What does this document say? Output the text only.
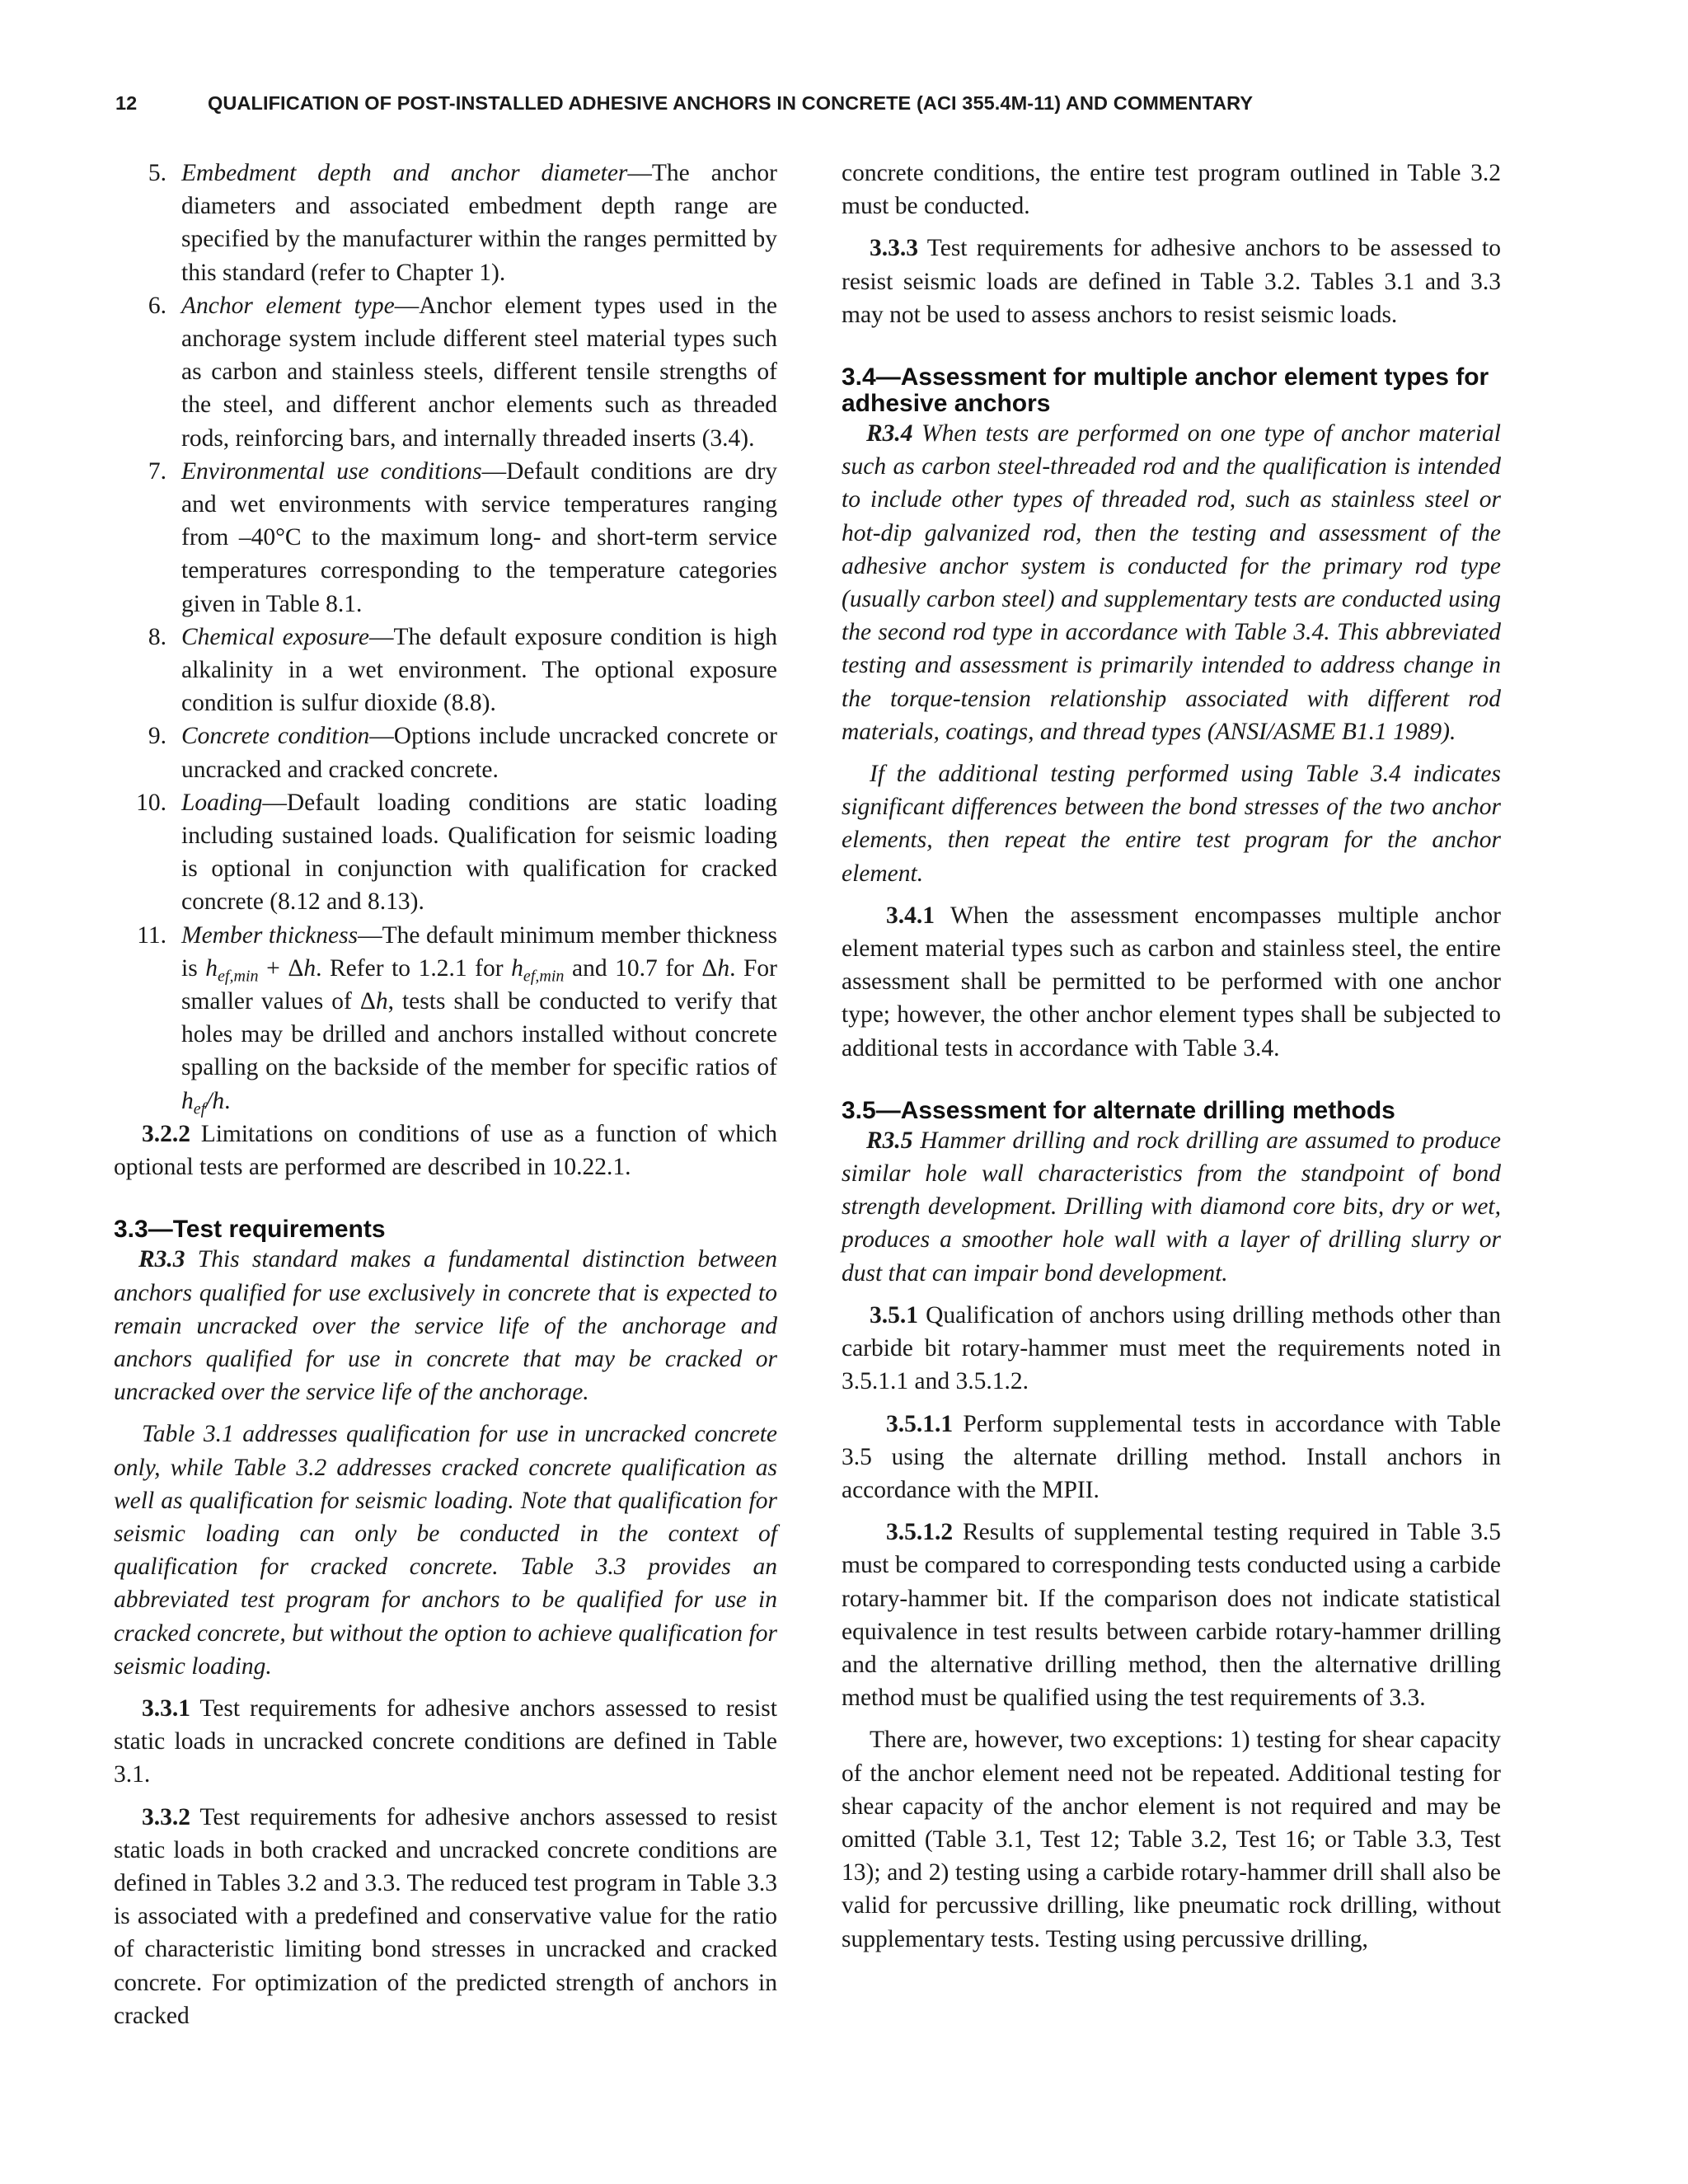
12	QUALIFICATION OF POST-INSTALLED ADHESIVE ANCHORS IN CONCRETE (ACI 355.4M-11) AND COMMENTARY
5. Embedment depth and anchor diameter—The anchor diameters and associated embedment depth range are specified by the manufacturer within the ranges permitted by this standard (refer to Chapter 1).
6. Anchor element type—Anchor element types used in the anchorage system include different steel material types such as carbon and stainless steels, different tensile strengths of the steel, and different anchor elements such as threaded rods, reinforcing bars, and internally threaded inserts (3.4).
7. Environmental use conditions—Default conditions are dry and wet environments with service temperatures ranging from –40°C to the maximum long- and short-term service temperatures corresponding to the temperature categories given in Table 8.1.
8. Chemical exposure—The default exposure condition is high alkalinity in a wet environment. The optional exposure condition is sulfur dioxide (8.8).
9. Concrete condition—Options include uncracked concrete or uncracked and cracked concrete.
10. Loading—Default loading conditions are static loading including sustained loads. Qualification for seismic loading is optional in conjunction with qualification for cracked concrete (8.12 and 8.13).
11. Member thickness—The default minimum member thickness is $h_{ef,min} + \Delta h$. Refer to 1.2.1 for $h_{ef,min}$ and 10.7 for Δh. For smaller values of Δh, tests shall be conducted to verify that holes may be drilled and anchors installed without concrete spalling on the backside of the member for specific ratios of $h_{ef}/h$.

3.2.2 Limitations on conditions of use as a function of which optional tests are performed are described in 10.22.1.

3.3—Test requirements

R3.3 This standard makes a fundamental distinction between anchors qualified for use exclusively in concrete that is expected to remain uncracked over the service life of the anchorage and anchors qualified for use in concrete that may be cracked or uncracked over the service life of the anchorage.

Table 3.1 addresses qualification for use in uncracked concrete only, while Table 3.2 addresses cracked concrete qualification as well as qualification for seismic loading. Note that qualification for seismic loading can only be conducted in the context of qualification for cracked concrete. Table 3.3 provides an abbreviated test program for anchors to be qualified for use in cracked concrete, but without the option to achieve qualification for seismic loading.

3.3.1 Test requirements for adhesive anchors assessed to resist static loads in uncracked concrete conditions are defined in Table 3.1.

3.3.2 Test requirements for adhesive anchors assessed to resist static loads in both cracked and uncracked concrete conditions are defined in Tables 3.2 and 3.3. The reduced test program in Table 3.3 is associated with a predefined and conservative value for the ratio of characteristic limiting bond stresses in uncracked and cracked concrete. For optimization of the predicted strength of anchors in cracked

concrete conditions, the entire test program outlined in Table 3.2 must be conducted.

3.3.3 Test requirements for adhesive anchors to be assessed to resist seismic loads are defined in Table 3.2. Tables 3.1 and 3.3 may not be used to assess anchors to resist seismic loads.

3.4—Assessment for multiple anchor element types for adhesive anchors

R3.4 When tests are performed on one type of anchor material such as carbon steel-threaded rod and the qualification is intended to include other types of threaded rod, such as stainless steel or hot-dip galvanized rod, then the testing and assessment of the adhesive anchor system is conducted for the primary rod type (usually carbon steel) and supplementary tests are conducted using the second rod type in accordance with Table 3.4. This abbreviated testing and assessment is primarily intended to address change in the torque-tension relationship associated with different rod materials, coatings, and thread types (ANSI/ASME B1.1 1989).

If the additional testing performed using Table 3.4 indicates significant differences between the bond stresses of the two anchor elements, then repeat the entire test program for the anchor element.

3.4.1 When the assessment encompasses multiple anchor element material types such as carbon and stainless steel, the entire assessment shall be permitted to be performed with one anchor type; however, the other anchor element types shall be subjected to additional tests in accordance with Table 3.4.

3.5—Assessment for alternate drilling methods

R3.5 Hammer drilling and rock drilling are assumed to produce similar hole wall characteristics from the standpoint of bond strength development. Drilling with diamond core bits, dry or wet, produces a smoother hole wall with a layer of drilling slurry or dust that can impair bond development.

3.5.1 Qualification of anchors using drilling methods other than carbide bit rotary-hammer must meet the requirements noted in 3.5.1.1 and 3.5.1.2.

3.5.1.1 Perform supplemental tests in accordance with Table 3.5 using the alternate drilling method. Install anchors in accordance with the MPII.

3.5.1.2 Results of supplemental testing required in Table 3.5 must be compared to corresponding tests conducted using a carbide rotary-hammer bit. If the comparison does not indicate statistical equivalence in test results between carbide rotary-hammer drilling and the alternative drilling method, then the alternative drilling method must be qualified using the test requirements of 3.3.

There are, however, two exceptions: 1) testing for shear capacity of the anchor element need not be repeated. Additional testing for shear capacity of the anchor element is not required and may be omitted (Table 3.1, Test 12; Table 3.2, Test 16; or Table 3.3, Test 13); and 2) testing using a carbide rotary-hammer drill shall also be valid for percussive drilling, like pneumatic rock drilling, without supplementary tests. Testing using percussive drilling,
